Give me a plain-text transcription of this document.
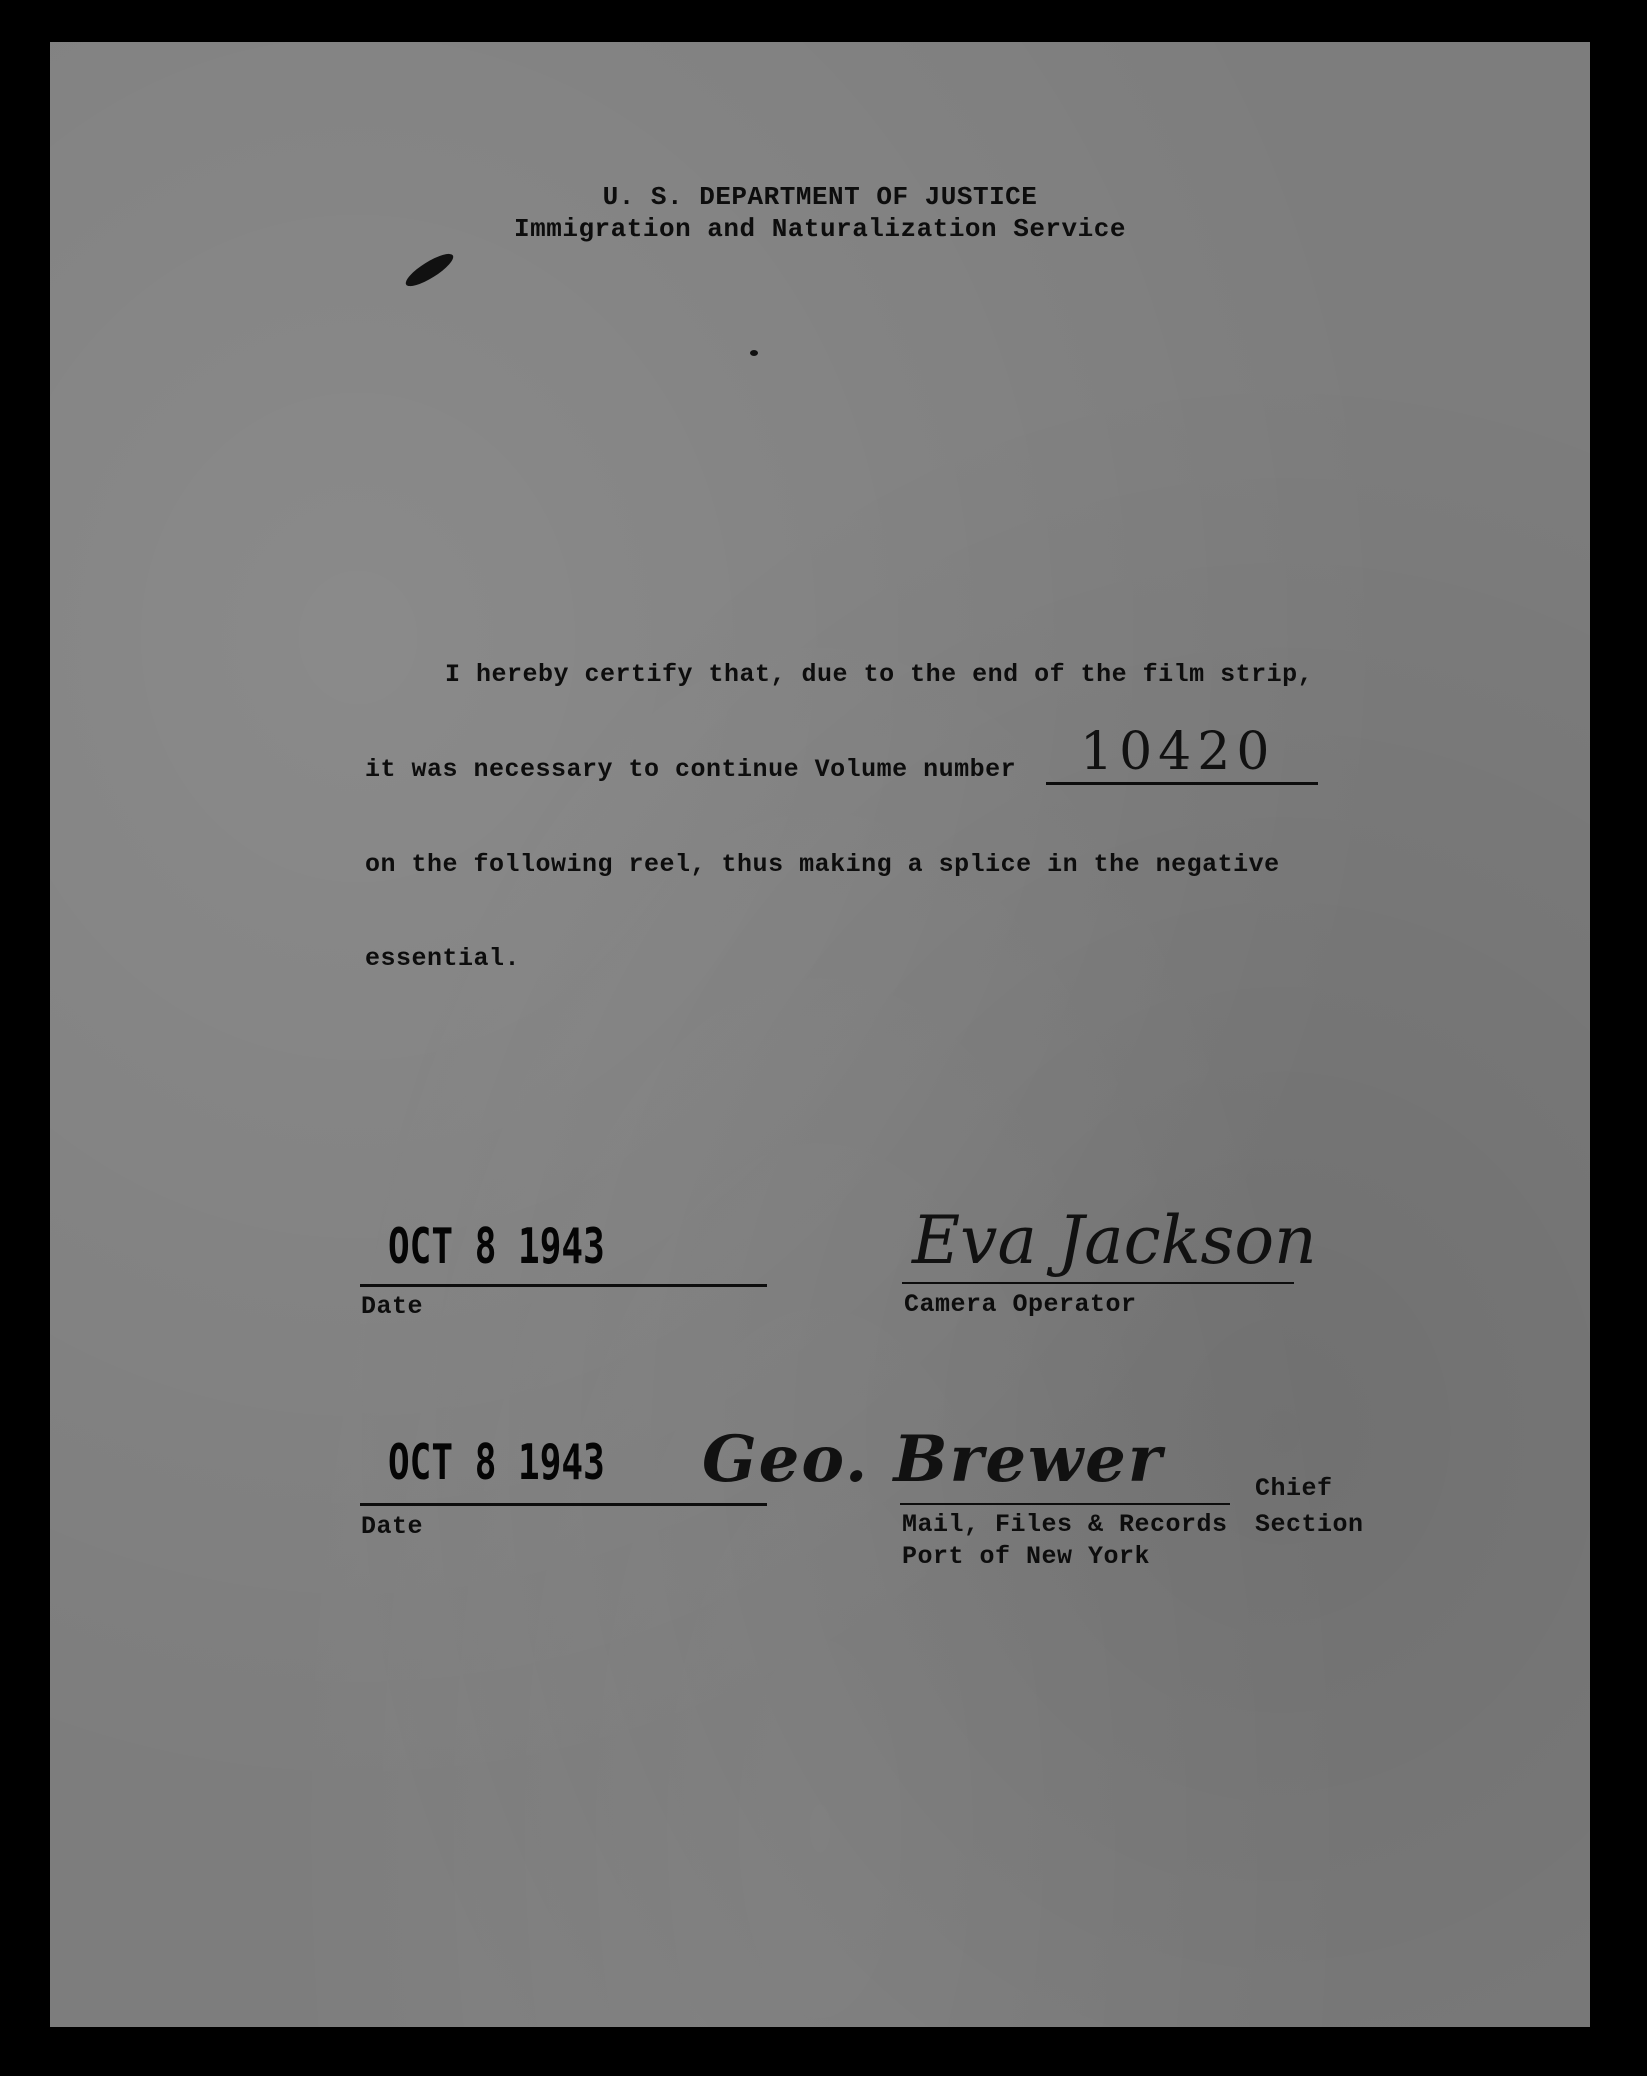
U. S. DEPARTMENT OF JUSTICE
Immigration and Naturalization Service
I hereby certify that, due to the end of the film strip,
it was necessary to continue Volume number 10420
on the following reel, thus making a splice in the negative
essential.
OCT 8 1943
Date
Eva Jackson
Camera Operator
OCT 8 1943
Date
Geo. Brewer	Chief
Mail, Files & Records Section
Port of New York
